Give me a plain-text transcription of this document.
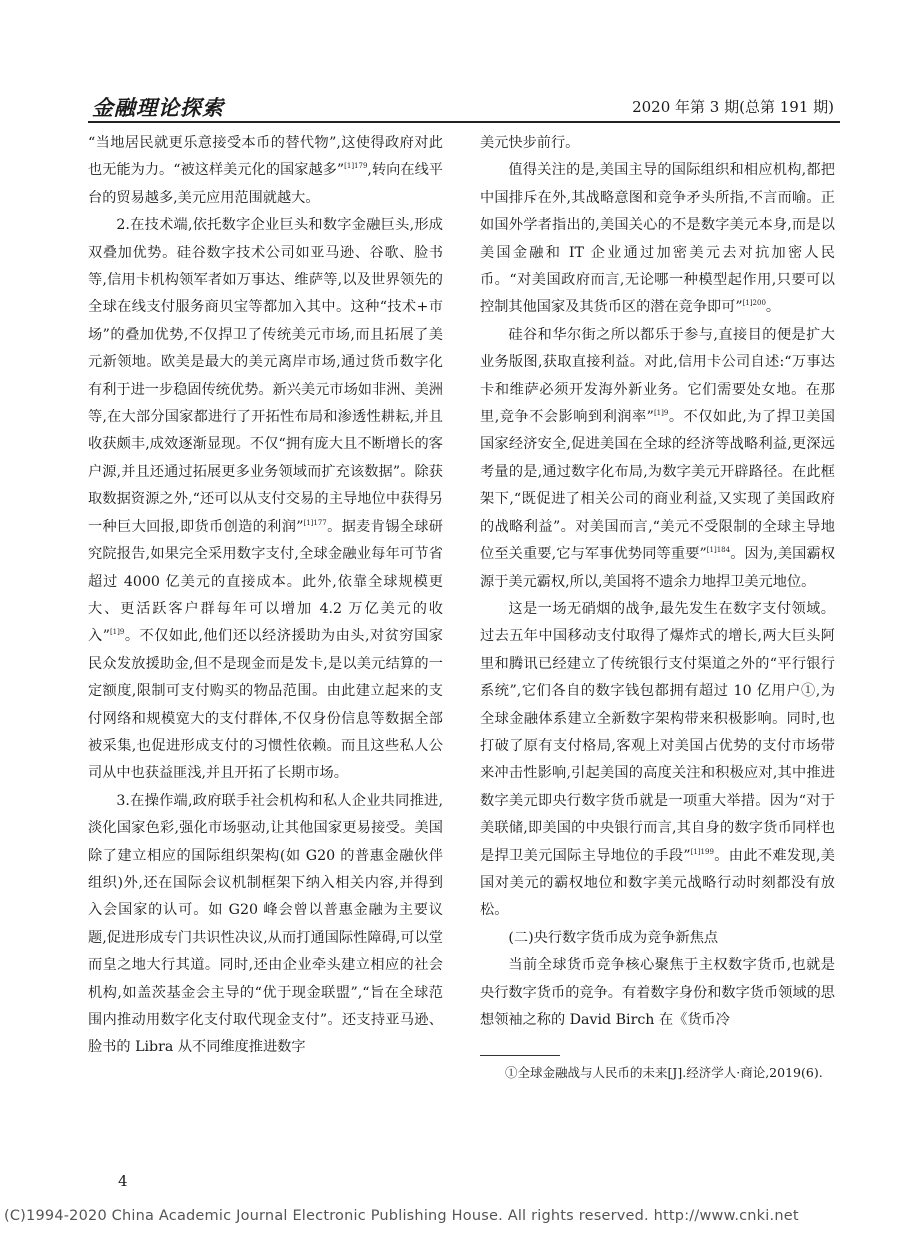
金融理论探索	2020 年第 3 期(总第 191 期)

“当地居民就更乐意接受本币的替代物”,这使得政府对此也无能为力。“被这样美元化的国家越多”$^{[1]179}$,转向在线平台的贸易越多,美元应用范围就越大。

2.在技术端,依托数字企业巨头和数字金融巨头,形成双叠加优势。硅谷数字技术公司如亚马逊、谷歌、脸书等,信用卡机构领军者如万事达、维萨等,以及世界领先的全球在线支付服务商贝宝等都加入其中。这种“技术+市场”的叠加优势,不仅捍卫了传统美元市场,而且拓展了美元新领地。欧美是最大的美元离岸市场,通过货币数字化有利于进一步稳固传统优势。新兴美元市场如非洲、美洲等,在大部分国家都进行了开拓性布局和渗透性耕耘,并且收获颇丰,成效逐渐显现。不仅“拥有庞大且不断增长的客户源,并且还通过拓展更多业务领域而扩充该数据”。除获取数据资源之外,“还可以从支付交易的主导地位中获得另一种巨大回报,即货币创造的利润”$^{[1]177}$。据麦肯锡全球研究院报告,如果完全采用数字支付,全球金融业每年可节省超过 4000 亿美元的直接成本。此外,依靠全球规模更大、更活跃客户群每年可以增加 4.2 万亿美元的收入”$^{[1]9}$。不仅如此,他们还以经济援助为由头,对贫穷国家民众发放援助金,但不是现金而是发卡,是以美元结算的一定额度,限制可支付购买的物品范围。由此建立起来的支付网络和规模宽大的支付群体,不仅身份信息等数据全部被采集,也促进形成支付的习惯性依赖。而且这些私人公司从中也获益匪浅,并且开拓了长期市场。

3.在操作端,政府联手社会机构和私人企业共同推进,淡化国家色彩,强化市场驱动,让其他国家更易接受。美国除了建立相应的国际组织架构(如 G20 的普惠金融伙伴组织)外,还在国际会议机制框架下纳入相关内容,并得到入会国家的认可。如 G20 峰会曾以普惠金融为主要议题,促进形成专门共识性决议,从而打通国际性障碍,可以堂而皇之地大行其道。同时,还由企业牵头建立相应的社会机构,如盖茨基金会主导的“优于现金联盟”,“旨在全球范围内推动用数字化支付取代现金支付”。还支持亚马逊、脸书的 Libra 从不同维度推进数字

美元快步前行。

值得关注的是,美国主导的国际组织和相应机构,都把中国排斥在外,其战略意图和竞争矛头所指,不言而喻。正如国外学者指出的,美国关心的不是数字美元本身,而是以美国金融和 IT 企业通过加密美元去对抗加密人民币。“对美国政府而言,无论哪一种模型起作用,只要可以控制其他国家及其货币区的潜在竞争即可”$^{[1]200}$。

硅谷和华尔街之所以都乐于参与,直接目的便是扩大业务版图,获取直接利益。对此,信用卡公司自述:“万事达卡和维萨必须开发海外新业务。它们需要处女地。在那里,竞争不会影响到利润率”$^{[1]9}$。不仅如此,为了捍卫美国国家经济安全,促进美国在全球的经济等战略利益,更深远考量的是,通过数字化布局,为数字美元开辟路径。在此框架下,“既促进了相关公司的商业利益,又实现了美国政府的战略利益”。对美国而言,“美元不受限制的全球主导地位至关重要,它与军事优势同等重要”$^{[1]184}$。因为,美国霸权源于美元霸权,所以,美国将不遗余力地捍卫美元地位。

这是一场无硝烟的战争,最先发生在数字支付领域。过去五年中国移动支付取得了爆炸式的增长,两大巨头阿里和腾讯已经建立了传统银行支付渠道之外的“平行银行系统”,它们各自的数字钱包都拥有超过 10 亿用户①,为全球金融体系建立全新数字架构带来积极影响。同时,也打破了原有支付格局,客观上对美国占优势的支付市场带来冲击性影响,引起美国的高度关注和积极应对,其中推进数字美元即央行数字货币就是一项重大举措。因为“对于美联储,即美国的中央银行而言,其自身的数字货币同样也是捍卫美元国际主导地位的手段”$^{[1]199}$。由此不难发现,美国对美元的霸权地位和数字美元战略行动时刻都没有放松。

(二)央行数字货币成为竞争新焦点

当前全球货币竞争核心聚焦于主权数字货币,也就是央行数字货币的竞争。有着数字身份和数字货币领域的思想领袖之称的 David Birch 在《货币冷

①全球金融战与人民币的未来[J].经济学人·商论,2019(6).
4
(C)1994-2020 China Academic Journal Electronic Publishing House. All rights reserved. http://www.cnki.net
